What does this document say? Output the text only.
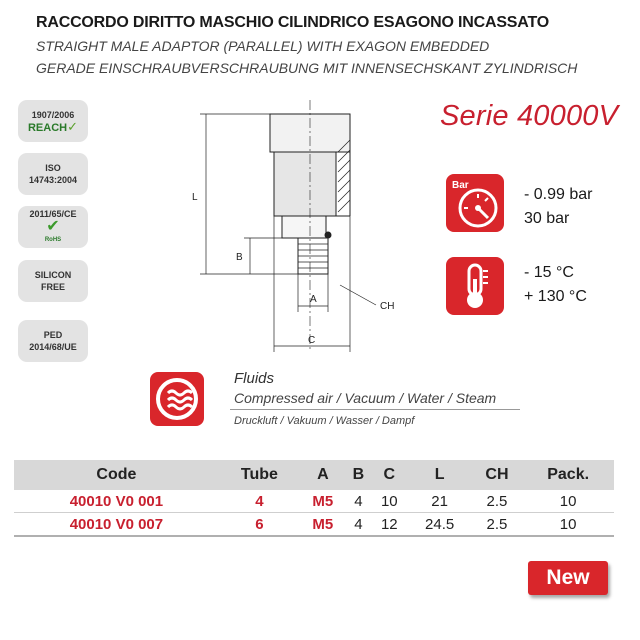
RACCORDO DIRITTO MASCHIO CILINDRICO ESAGONO INCASSATO
STRAIGHT MALE ADAPTOR (PARALLEL) WITH EXAGON EMBEDDED
GERADE EINSCHRAUBVERSCHRAUBUNG MIT INNENSECHSKANT ZYLINDRISCH
1907/2006
REACH✓
ISO
14743:2004
2011/65/CE
✔
RoHS
SILICON
FREE
PED
2014/68/UE
L
B
A
C
CH
Serie 40000V
Bar
- 0.99 bar
30 bar
- 15 °C
+ 130 °C
Fluids
Compressed air / Vacuum / Water / Steam
Druckluft / Vakuum / Wasser / Dampf
Code	Tube	A	B	C	L	CH	Pack.
40010 V0 001	4	M5	4	10	21	2.5	10
40010 V0 007	6	M5	4	12	24.5	2.5	10
New
